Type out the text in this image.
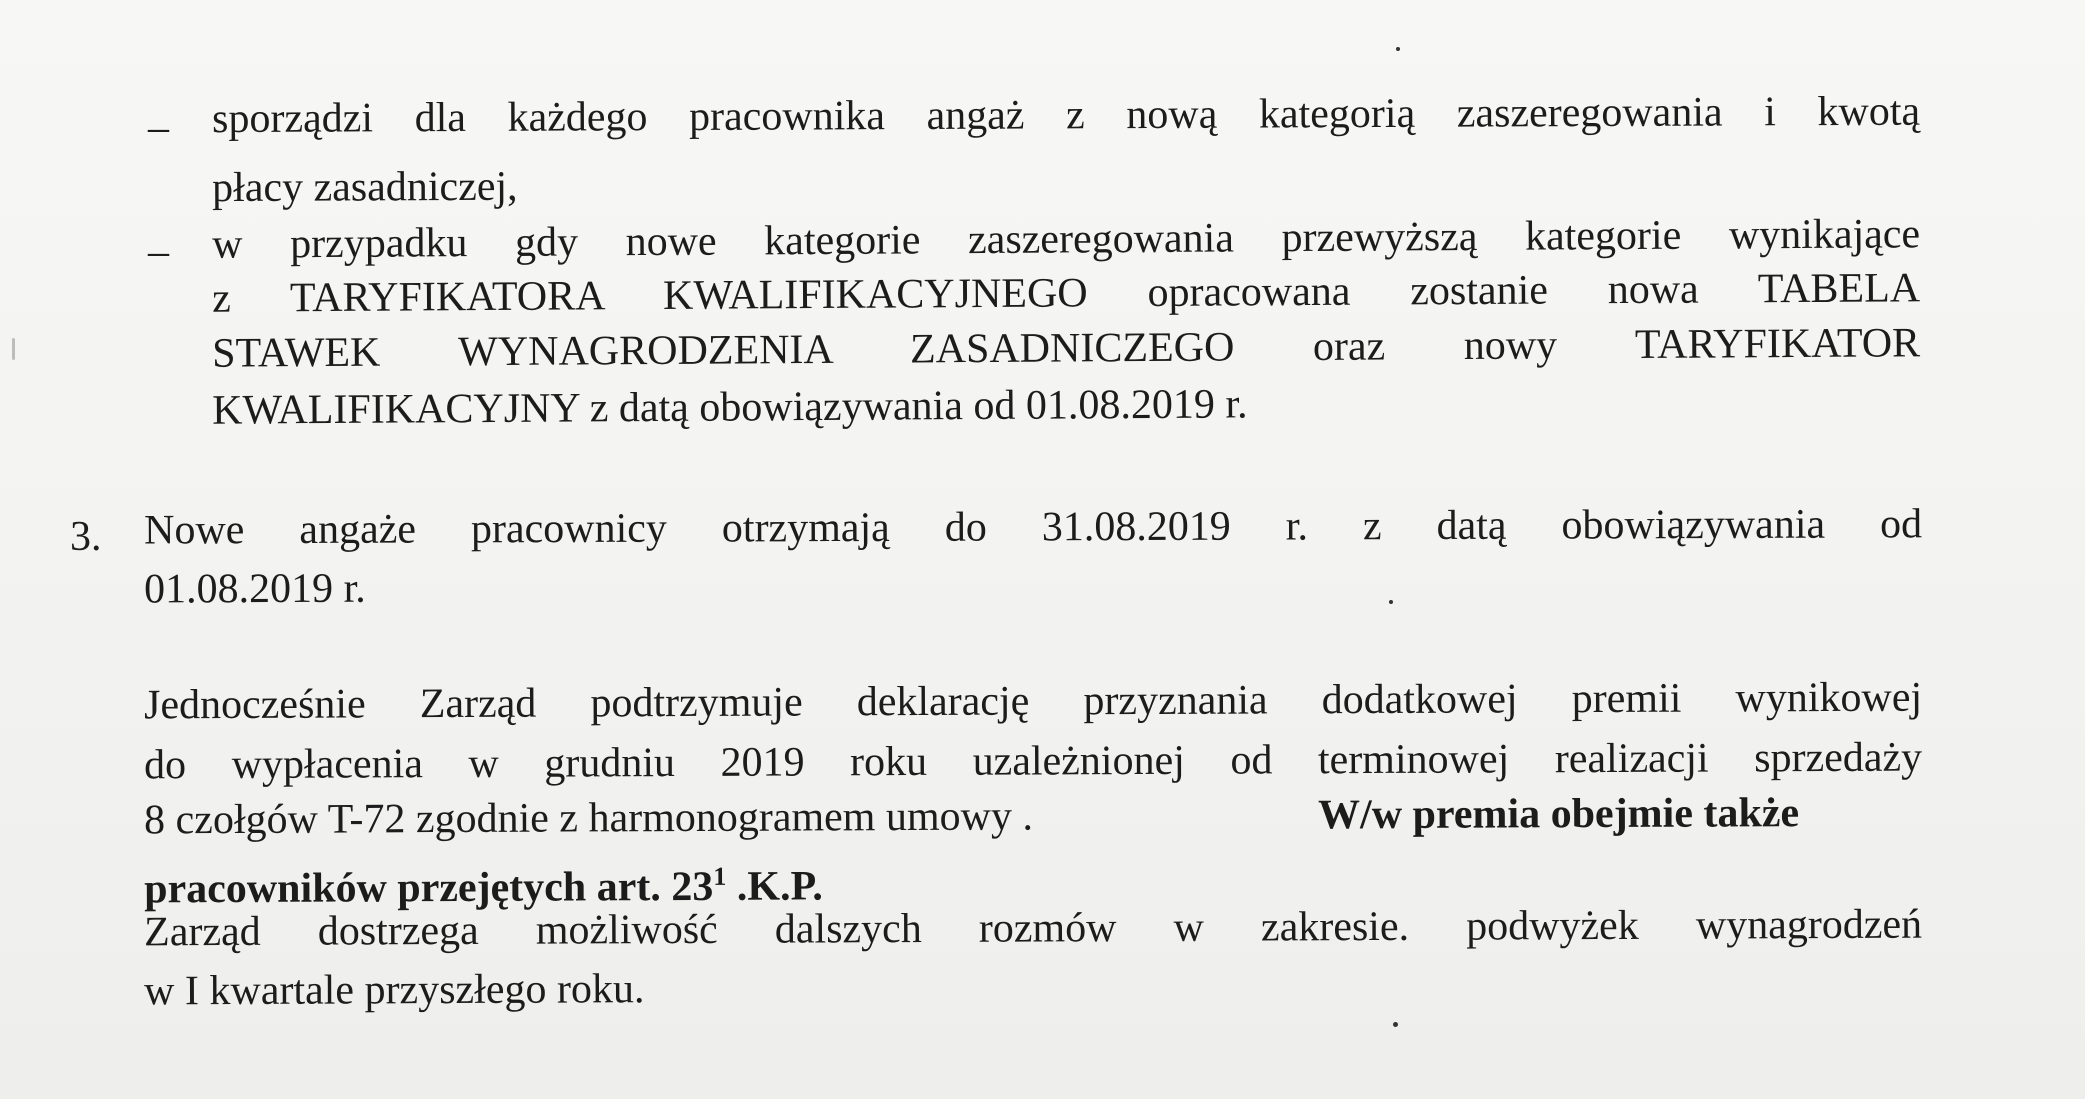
– sporządzi dla każdego pracownika angaż z nową kategorią zaszeregowania i kwotą
płacy zasadniczej,
– w przypadku gdy nowe kategorie zaszeregowania przewyższą kategorie wynikające
z TARYFIKATORA KWALIFIKACYJNEGO opracowana zostanie nowa TABELA
STAWEK WYNAGRODZENIA ZASADNICZEGO oraz nowy TARYFIKATOR
KWALIFIKACYJNY z datą obowiązywania od 01.08.2019 r.
3. Nowe angaże pracownicy otrzymają do 31.08.2019 r. z datą obowiązywania od
01.08.2019 r.
Jednocześnie Zarząd podtrzymuje deklarację przyznania dodatkowej premii wynikowej
do wypłacenia w grudniu 2019 roku uzależnionej od terminowej realizacji sprzedaży
8 czołgów T-72 zgodnie z harmonogramem umowy .	W/w premia obejmie także
pracowników przejętych art. $23^1$ .K.P.
Zarząd dostrzega możliwość dalszych rozmów w zakresie. podwyżek wynagrodzeń
w I kwartale przyszłego roku.
